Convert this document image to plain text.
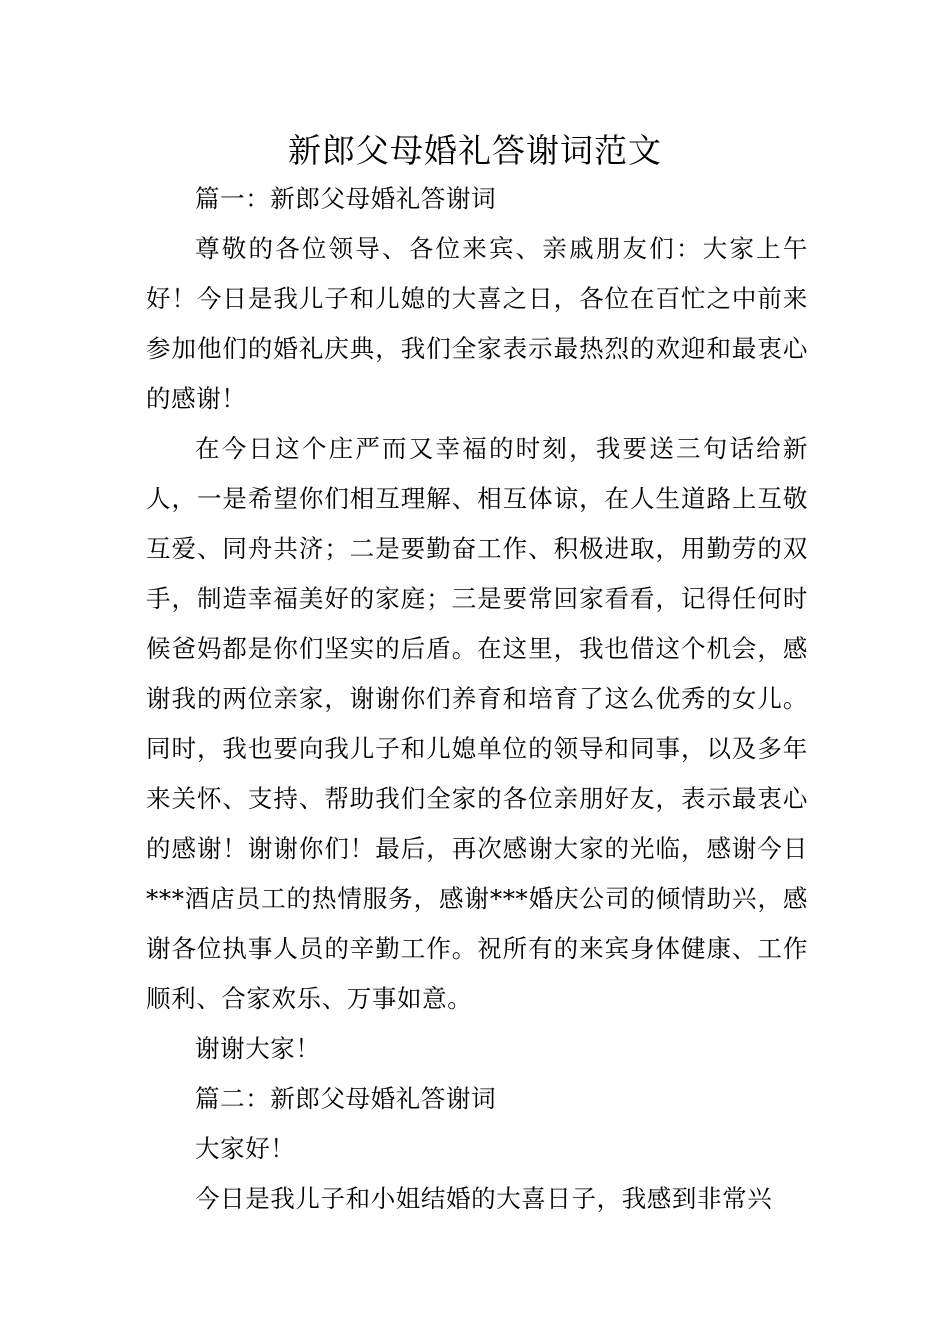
新郎父母婚礼答谢词范文

篇一：新郎父母婚礼答谢词

尊敬的各位领导、各位来宾、亲戚朋友们：大家上午好！今日是我儿子和儿媳的大喜之日，各位在百忙之中前来参加他们的婚礼庆典，我们全家表示最热烈的欢迎和最衷心的感谢！

在今日这个庄严而又幸福的时刻，我要送三句话给新人，一是希望你们相互理解、相互体谅，在人生道路上互敬互爱、同舟共济；二是要勤奋工作、积极进取，用勤劳的双手，制造幸福美好的家庭；三是要常回家看看，记得任何时候爸妈都是你们坚实的后盾。在这里，我也借这个机会，感谢我的两位亲家，谢谢你们养育和培育了这么优秀的女儿。同时，我也要向我儿子和儿媳单位的领导和同事，以及多年来关怀、支持、帮助我们全家的各位亲朋好友，表示最衷心的感谢！谢谢你们！最后，再次感谢大家的光临，感谢今日***酒店员工的热情服务，感谢***婚庆公司的倾情助兴，感谢各位执事人员的辛勤工作。祝所有的来宾身体健康、工作顺利、合家欢乐、万事如意。

谢谢大家！

篇二：新郎父母婚礼答谢词

大家好！

今日是我儿子和小姐结婚的大喜日子，我感到非常兴
